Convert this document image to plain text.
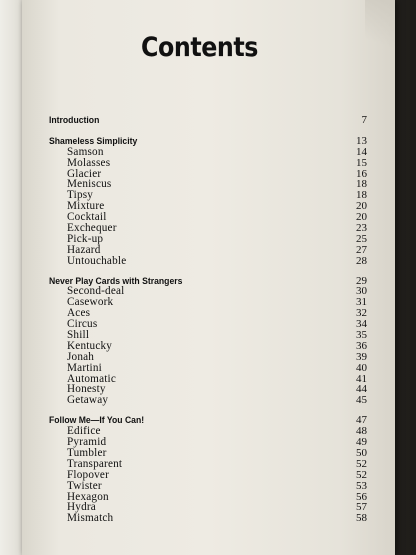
Contents
Introduction	7
Shameless Simplicity	13
Samson	14
Molasses	15
Glacier	16
Meniscus	18
Tipsy	18
Mixture	20
Cocktail	20
Exchequer	23
Pick-up	25
Hazard	27
Untouchable	28
Never Play Cards with Strangers	29
Second-deal	30
Casework	31
Aces	32
Circus	34
Shill	35
Kentucky	36
Jonah	39
Martini	40
Automatic	41
Honesty	44
Getaway	45
Follow Me—If You Can!	47
Edifice	48
Pyramid	49
Tumbler	50
Transparent	52
Flopover	52
Twister	53
Hexagon	56
Hydra	57
Mismatch	58
